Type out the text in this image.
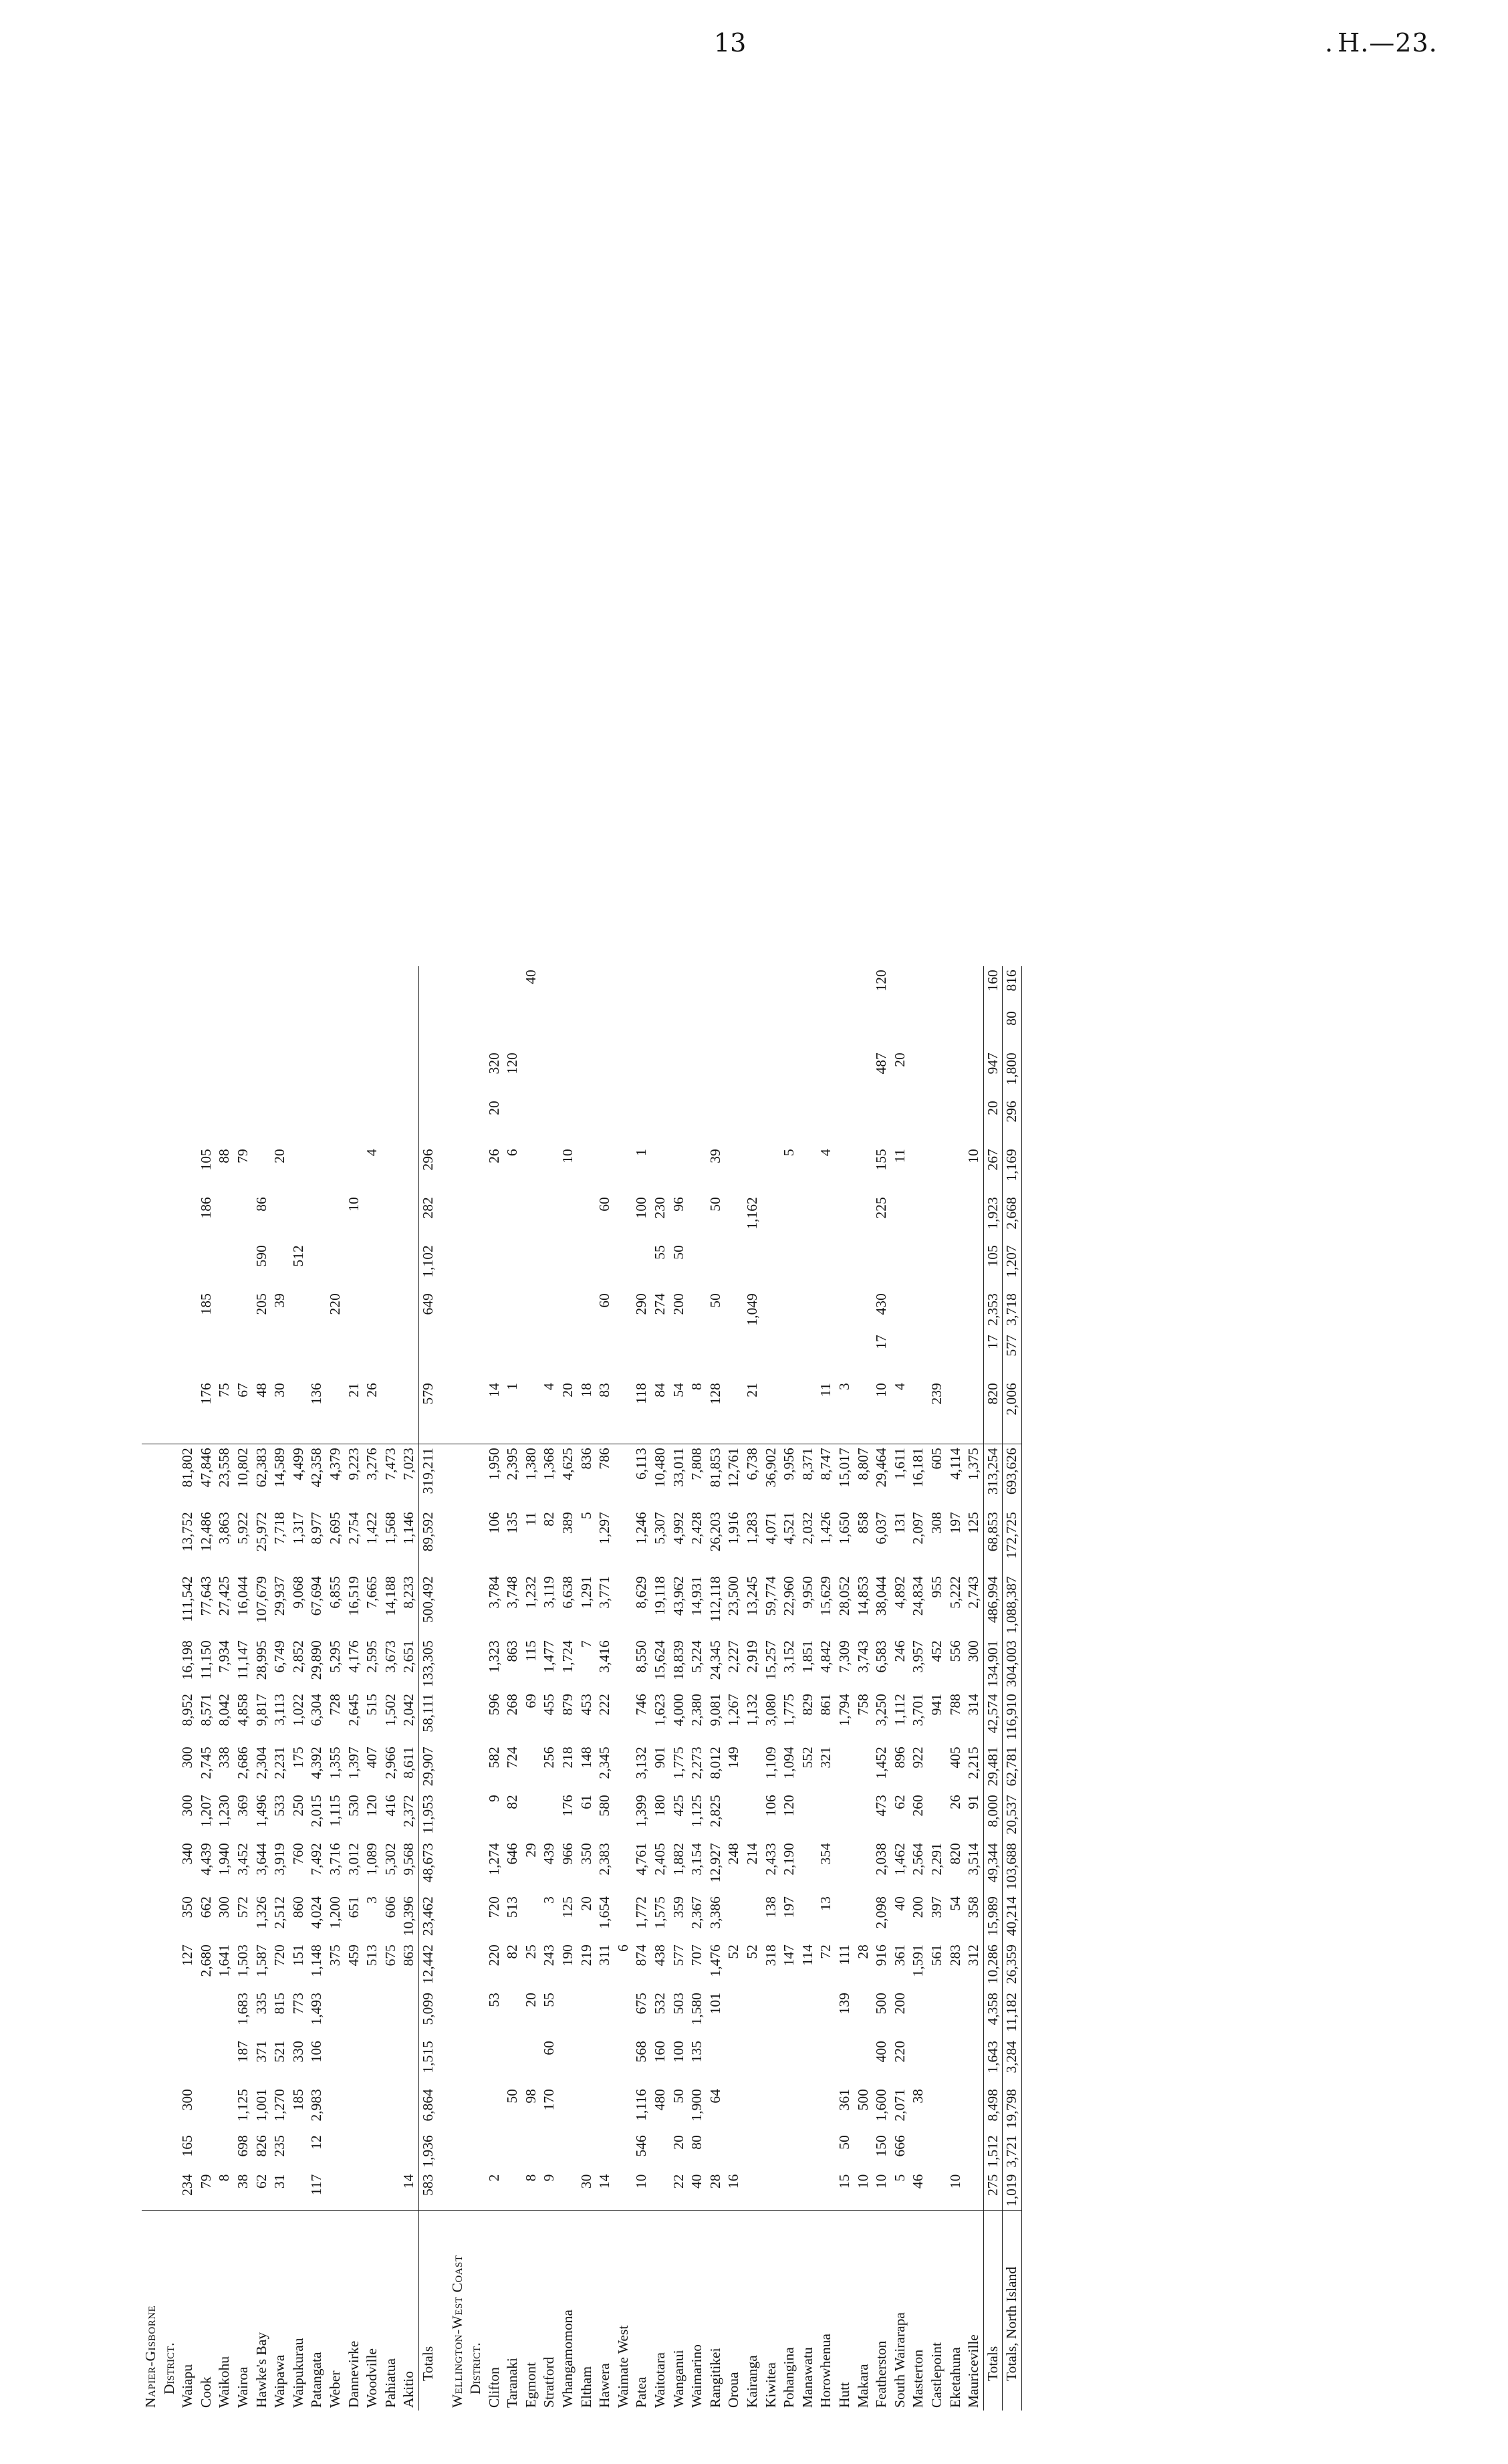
13	. H.—23.
Napier-Gisborne																									
District.																									
Waiapu	234	165	300			127	350	340	300	300	8,952	16,198	111,542	13,752	81,802										
Cook	79					2,680	662	4,439	1,207	2,745	8,571	11,150	77,643	12,486	47,846	176		185		186	105				
Waikohu	8					1,641	300	1,940	1,230	338	8,042	7,934	27,425	3,863	23,558	75					88				
Wairoa	38	698	1,125	187	1,683	1,503	572	3,452	369	2,686	4,858	11,147	16,044	5,922	10,802	67					79				
Hawke's Bay	62	826	1,001	371	335	1,587	1,326	3,644	1,496	2,304	9,817	28,995	107,679	25,972	62,383	48		205	590	86					
Waipawa	31	235	1,270	521	815	720	2,512	3,919	533	2,231	3,113	6,749	29,937	7,718	14,589	30		39			20				
Waipukurau			185	330	773	151	860	760	250	175	1,022	2,852	9,068	1,317	4,499				512						
Patangata	117	12	2,983	106	1,493	1,148	4,024	7,492	2,015	4,392	6,304	29,890	67,694	8,977	42,358	136									
Weber						375	1,200	3,716	1,115	1,355	728	5,295	6,855	2,695	4,379			220							
Dannevirke						459	651	3,012	530	1,397	2,645	4,176	16,519	2,754	9,223	21				10					
Woodville						513	3	1,089	120	407	515	2,595	7,665	1,422	3,276	26					4				
Pahiatua						675	606	5,302	416	2,966	1,502	3,673	14,188	1,568	7,473										
Akitio	14					863	10,396	9,568	2,372	8,611	2,042	2,651	8,233	1,146	7,023										
Totals	583	1,936	6,864	1,515	5,099	12,442	23,462	48,673	11,953	29,907	58,111	133,305	500,492	89,592	319,211	579		649	1,102	282	296				

Wellington-West Coast																									
District.																									
Clifton	2				53	220	720	1,274	9	582	596	1,323	3,784	106	1,950	14					26	20	320		
Taranaki			50			82	513	646	82	724	268	863	3,748	135	2,395	1					6		120		
Egmont	8		98		20	25		29			69	115	1,232	11	1,380										40
Stratford	9		170	60	55	243	3	439		256	455	1,477	3,119	82	1,368	4									
Whangamomona						190	125	966	176	218	879	1,724	6,638	389	4,625	20					10				
Eltham	30					219	20	350	61	148	453	7	1,291	5	836	18									
Hawera	14					311	1,654	2,383	580	2,345	222	3,416	3,771	1,297	786	83		60		60					
Waimate West						6																			
Patea	10	546	1,116	568	675	874	1,772	4,761	1,399	3,132	746	8,550	8,629	1,246	6,113	118		290		100	1				
Waitotara			480	160	532	438	1,575	2,405	180	901	1,623	15,624	19,118	5,307	10,480	84		274	55	230					
Wanganui	22	20	50	100	503	577	359	1,882	425	1,775	4,000	18,839	43,962	4,992	33,011	54		200	50	96					
Waimarino	40	80	1,900	135	1,580	707	2,367	3,154	1,125	2,273	2,380	5,224	14,931	2,428	7,808	8									
Rangitikei	28		64		101	1,476	3,386	12,927	2,825	8,012	9,081	24,345	112,118	26,203	81,853	128		50		50	39				
Oroua	16					52		248		149	1,267	2,227	23,500	1,916	12,761										
Kairanga						52		214			1,132	2,919	13,245	1,283	6,738	21		1,049		1,162					
Kiwitea						318	138	2,433	106	1,109	3,080	15,257	59,774	4,071	36,902										
Pohangina						147	197	2,190	120	1,094	1,775	3,152	22,960	4,521	9,956						5				
Manawatu						114				552	829	1,851	9,950	2,032	8,371										
Horowhenua						72	13	354		321	861	4,842	15,629	1,426	8,747	11					4				
Hutt	15	50	361		139	111					1,794	7,309	28,052	1,650	15,017	3									
Makara	10		500			28					758	3,743	14,853	858	8,807										
Featherston	10	150	1,600	400	500	916	2,098	2,038	473	1,452	3,250	6,583	38,044	6,037	29,464	10	17	430		225	155		487		120
South Wairarapa	5	666	2,071	220	200	361	40	1,462	62	896	1,112	246	4,892	131	1,611	4					11		20		
Masterton	46		38			1,591	200	2,564	260	922	3,701	3,957	24,834	2,097	16,181										
Castlepoint						561	397	2,291			941	452	955	308	605	239									
Eketahuna	10					283	54	820	26	405	788	556	5,222	197	4,114										
Mauriceville						312	358	3,514	91	2,215	314	300	2,743	125	1,375						10				
Totals	275	1,512	8,498	1,643	4,358	10,286	15,989	49,344	8,000	29,481	42,574	134,901	486,994	68,853	313,254	820	17	2,353	105	1,923	267	20	947		160
Totals, North Island	1,019	3,721	19,798	3,284	11,182	26,359	40,214	103,688	20,537	62,781	116,910	304,003	1,088,387	172,725	693,626	2,006	577	3,718	1,207	2,668	1,169	296	1,800	80	816
